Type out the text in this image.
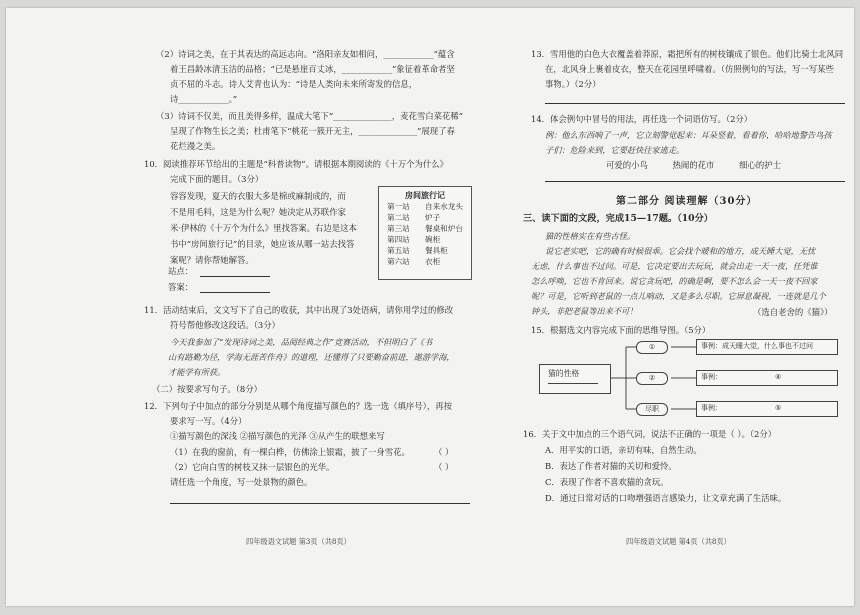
（2）诗词之美，在于其表达的高远志向。“洛阳亲友如相问，____________”蕴含
着王昌龄冰清玉洁的品格；“已是悬崖百丈冰，____________”象征着革命者坚
贞不屈的斗志。诗人艾青也认为：“诗是人类向未来所寄发的信息，
诗____________。”
（3）诗词不仅美，而且美得多样，温成大笔下“______________，麦花雪白菜花稀”
呈现了作物生长之美；杜甫笔下“桃花一簇开无主，______________”展现了春
花烂漫之美。
10．阅读推荐环节给出的主题是“科普读物”。请根据本期阅读的《十万个为什么》
完成下面的题目。（3分）
容容发现，夏天的衣服大多是棉或麻制成的，而
不是用毛料，这是为什么呢？她决定从苏联作家
米·伊林的《十万个为什么》里找答案。右边是这本
书中“房间旅行记”的目录，她应该从哪一站去找答
案呢？请你帮她解答。
房间旅行记
第一站 自来水龙头
第二站 炉子
第三站 餐桌和炉台
第四站 碗柜
第五站 餐具柜
第六站 衣柜
站点：
答案：
11．活动结束后，文文写下了自己的收获，其中出现了3处语病，请你用学过的修改
符号帮他修改这段话。（3分）
今天我参加了“发现诗词之美，品阅经典之作”竞赛活动，不但明白了《书
山有路勤为径，学海无涯苦作舟》的道理，还懂得了只要勤奋前进，遨游学海，
才能学有所获。
（二）按要求写句子。（8分）
12．下列句子中加点的部分分别是从哪个角度描写颜色的？选一选（填序号），再按
要求写一写。（4分）
①描写颜色的深浅 ②描写颜色的光泽 ③从产生的联想来写
（1）在我的窗前，有一棵白桦，仿佛涂上银霜，披了一身雪花。	（ ）
（2）它向白雪的树枝又抹一层银色的光华。	（ ）
请任选一个角度，写一处景物的颜色。
四年级语文试题 第3页（共8页）
13．雪用他的白色大衣覆盖着莽原，霜把所有的树枝镶成了银色。他们比骑士北风同
在，北风身上裹着皮衣，整天在花园里呼啸着。（仿照例句的写法，写一写某些
事物。）（2分）
14．体会例句中冒号的用法，再任选一个词语仿写。（2分）
例：他么东西响了一声，它立刻警觉起来：耳朵竖着，看着你，哈哈地警告鸟孩
子们：危险来到，它要赶快往家逃走。
可爱的小鸟	热闹的花市	细心的护士
第二部分 阅读理解（30分）
三、读下面的文段，完成15—17题。（10分）
猫的性格实在有些古怪。
说它老实吧，它的确有时候很乖。它会找个暖和的地方，成天睡大觉，无忧
无虑，什么事也不过问。可是，它决定要出去玩玩，就会出走一天一夜，任凭谁
怎么呼唤，它也不肯回来。说它贪玩吧，的确是啊，要不怎么会一天一夜不回家
呢？可是，它听到老鼠的一点儿响动，又是多么尽职。它屏息凝视，一连就是几个
钟头，非把老鼠等出来不可！	（选自老舍的《猫》）
15．根据选文内容完成下面的思维导图。（5分）
猫的性格
①
②
尽职
事例：成天睡大觉，什么事也不过问
事例：	④
事例：	⑤
16．关于文中加点的三个语气词，说法不正确的一项是（ ）。（2分）
A．用平实的口语，亲切有味，自然生动。
B．表达了作者对猫的关切和爱怜。
C．表现了作者不喜欢猫的贪玩。
D．通过日常对话的口吻增强语言感染力，让文章充满了生活味。
四年级语文试题 第4页（共8页）
